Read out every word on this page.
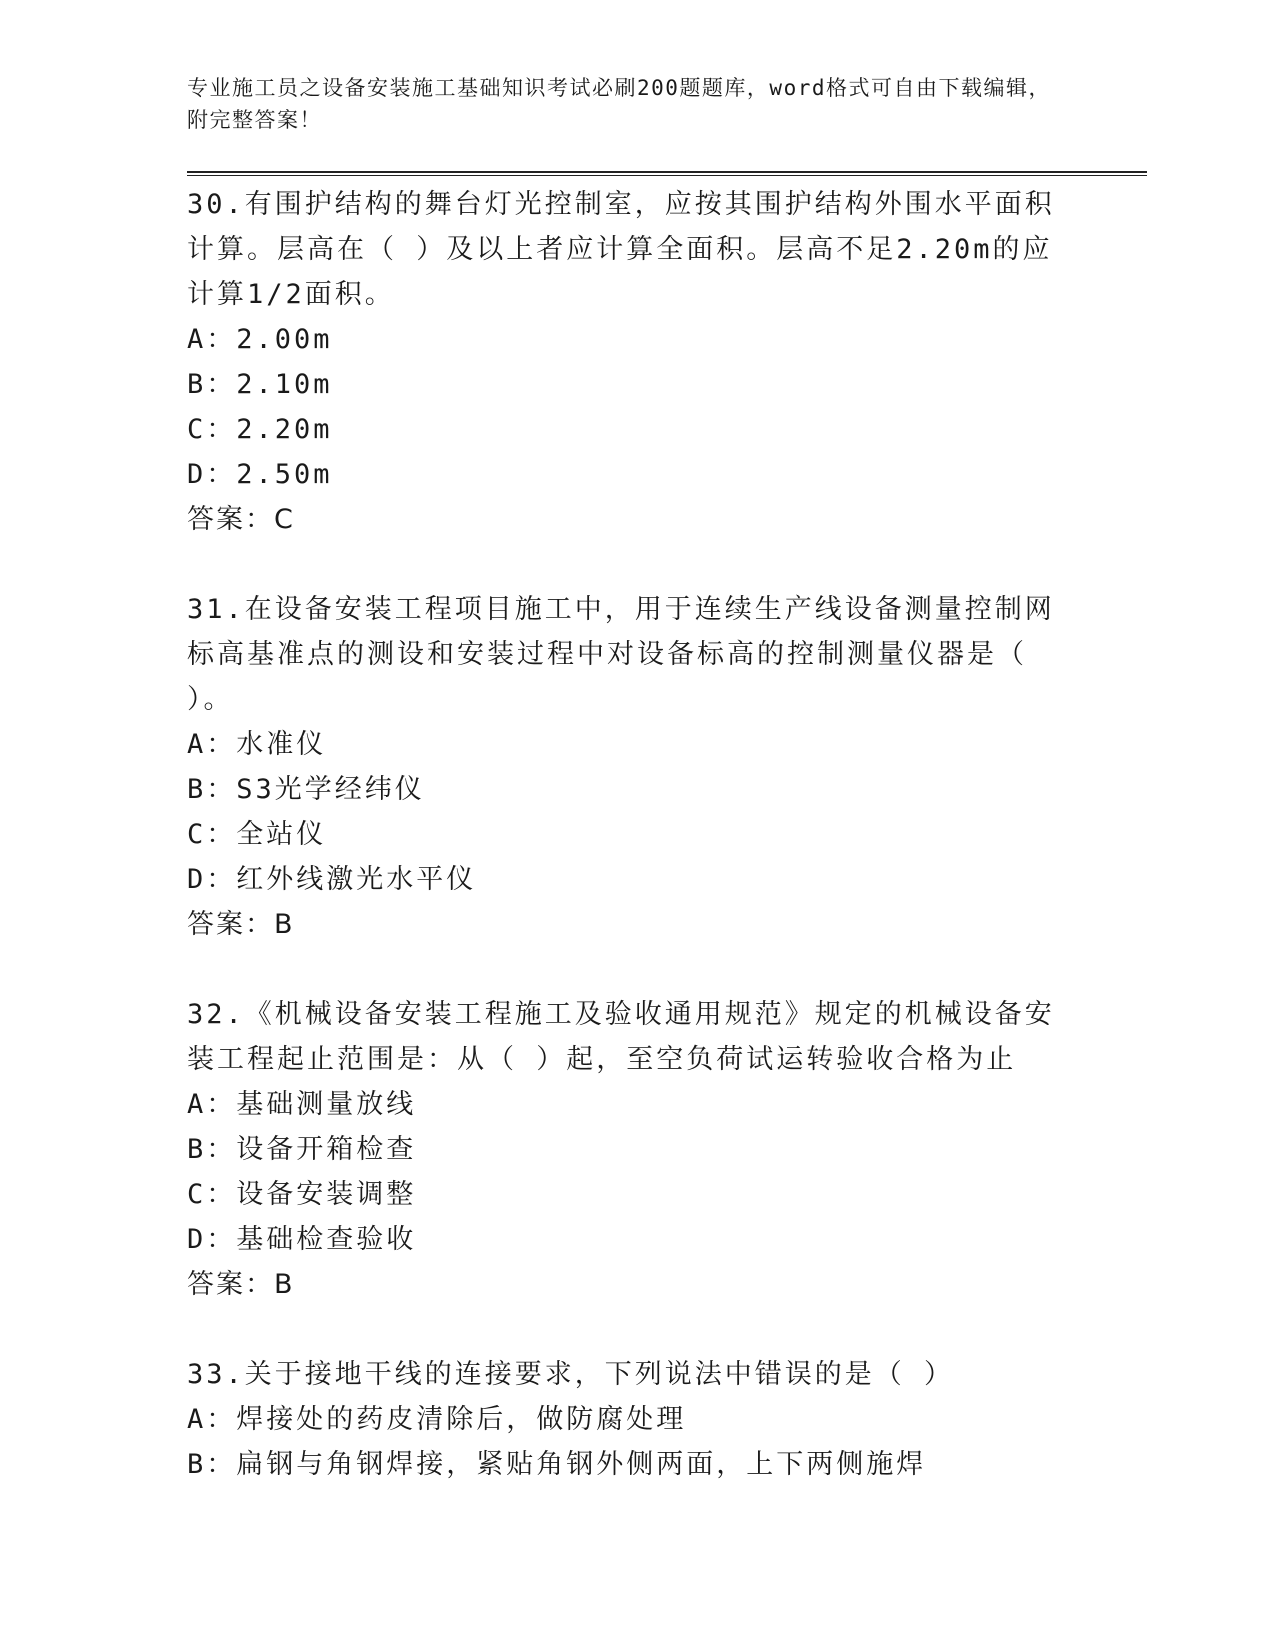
专业施工员之设备安装施工基础知识考试必刷200题题库，word格式可自由下载编辑，附完整答案！

30.有围护结构的舞台灯光控制室，应按其围护结构外围水平面积计算。层高在（ ）及以上者应计算全面积。层高不足2.20m的应计算1/2面积。

A：2.00m

B：2.10m

C：2.20m

D：2.50m

答案：C

31.在设备安装工程项目施工中，用于连续生产线设备测量控制网标高基准点的测设和安装过程中对设备标高的控制测量仪器是（ ）。

A：水准仪

B：S3光学经纬仪

C：全站仪

D：红外线激光水平仪

答案：B

32.《机械设备安装工程施工及验收通用规范》规定的机械设备安装工程起止范围是：从（ ）起，至空负荷试运转验收合格为止

A：基础测量放线

B：设备开箱检查

C：设备安装调整

D：基础检查验收

答案：B

33.关于接地干线的连接要求，下列说法中错误的是（ ）

A：焊接处的药皮清除后，做防腐处理

B：扁钢与角钢焊接，紧贴角钢外侧两面，上下两侧施焊
